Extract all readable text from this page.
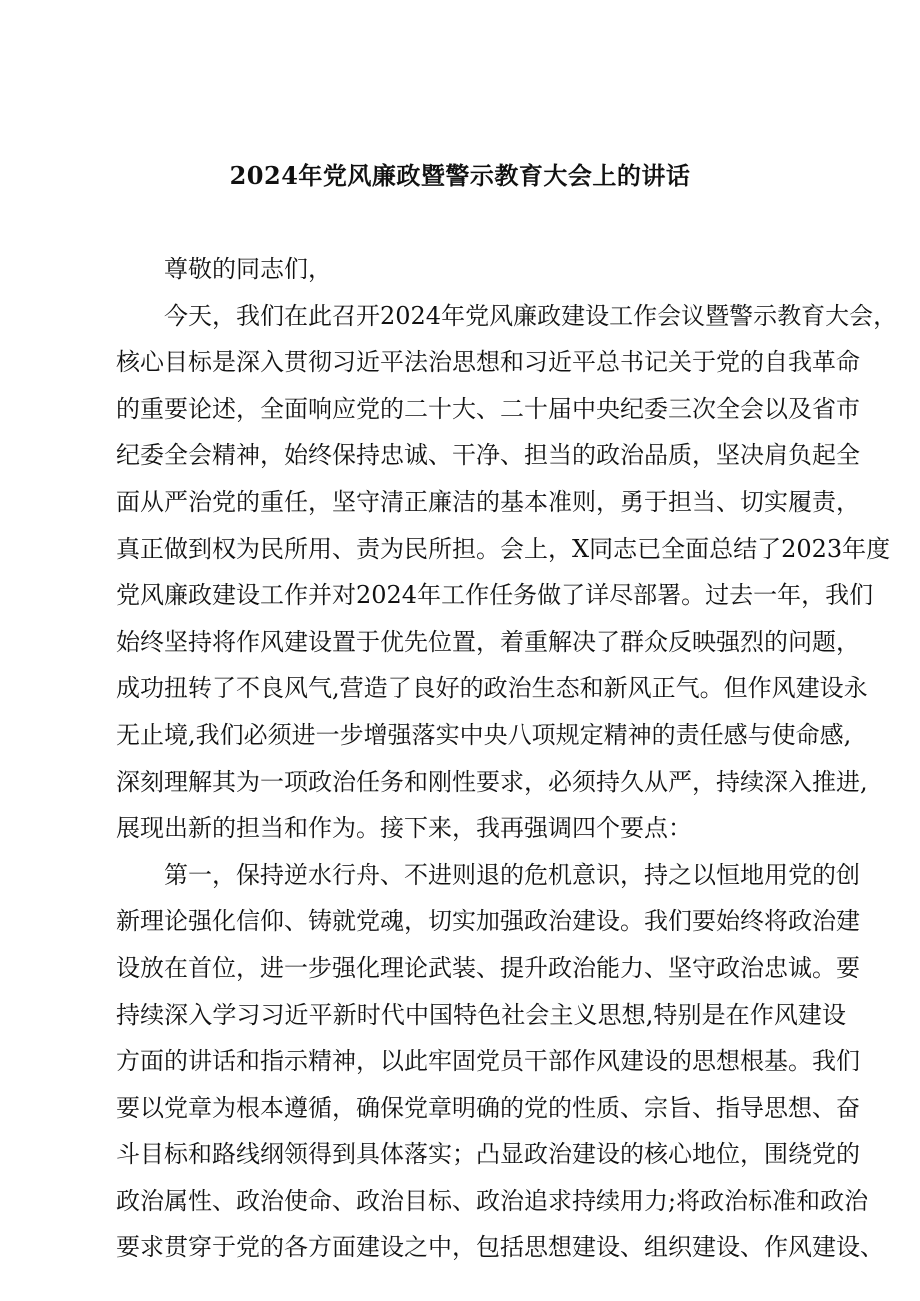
2024年党风廉政暨警示教育大会上的讲话
尊敬的同志们，
今天，我们在此召开2024年党风廉政建设工作会议暨警示教育大会，
核心目标是深入贯彻习近平法治思想和习近平总书记关于党的自我革命
的重要论述，全面响应党的二十大、二十届中央纪委三次全会以及省市
纪委全会精神，始终保持忠诚、干净、担当的政治品质，坚决肩负起全
面从严治党的重任，坚守清正廉洁的基本准则，勇于担当、切实履责，
真正做到权为民所用、责为民所担。会上，X同志已全面总结了2023年度
党风廉政建设工作并对2024年工作任务做了详尽部署。过去一年，我们
始终坚持将作风建设置于优先位置，着重解决了群众反映强烈的问题，
成功扭转了不良风气,营造了良好的政治生态和新风正气。但作风建设永
无止境,我们必须进一步增强落实中央八项规定精神的责任感与使命感,
深刻理解其为一项政治任务和刚性要求，必须持久从严，持续深入推进,
展现出新的担当和作为。接下来，我再强调四个要点：
第一，保持逆水行舟、不进则退的危机意识，持之以恒地用党的创
新理论强化信仰、铸就党魂，切实加强政治建设。我们要始终将政治建
设放在首位，进一步强化理论武装、提升政治能力、坚守政治忠诚。要
持续深入学习习近平新时代中国特色社会主义思想,特别是在作风建设
方面的讲话和指示精神，以此牢固党员干部作风建设的思想根基。我们
要以党章为根本遵循，确保党章明确的党的性质、宗旨、指导思想、奋
斗目标和路线纲领得到具体落实；凸显政治建设的核心地位，围绕党的
政治属性、政治使命、政治目标、政治追求持续用力;将政治标准和政治
要求贯穿于党的各方面建设之中，包括思想建设、组织建设、作风建设、
